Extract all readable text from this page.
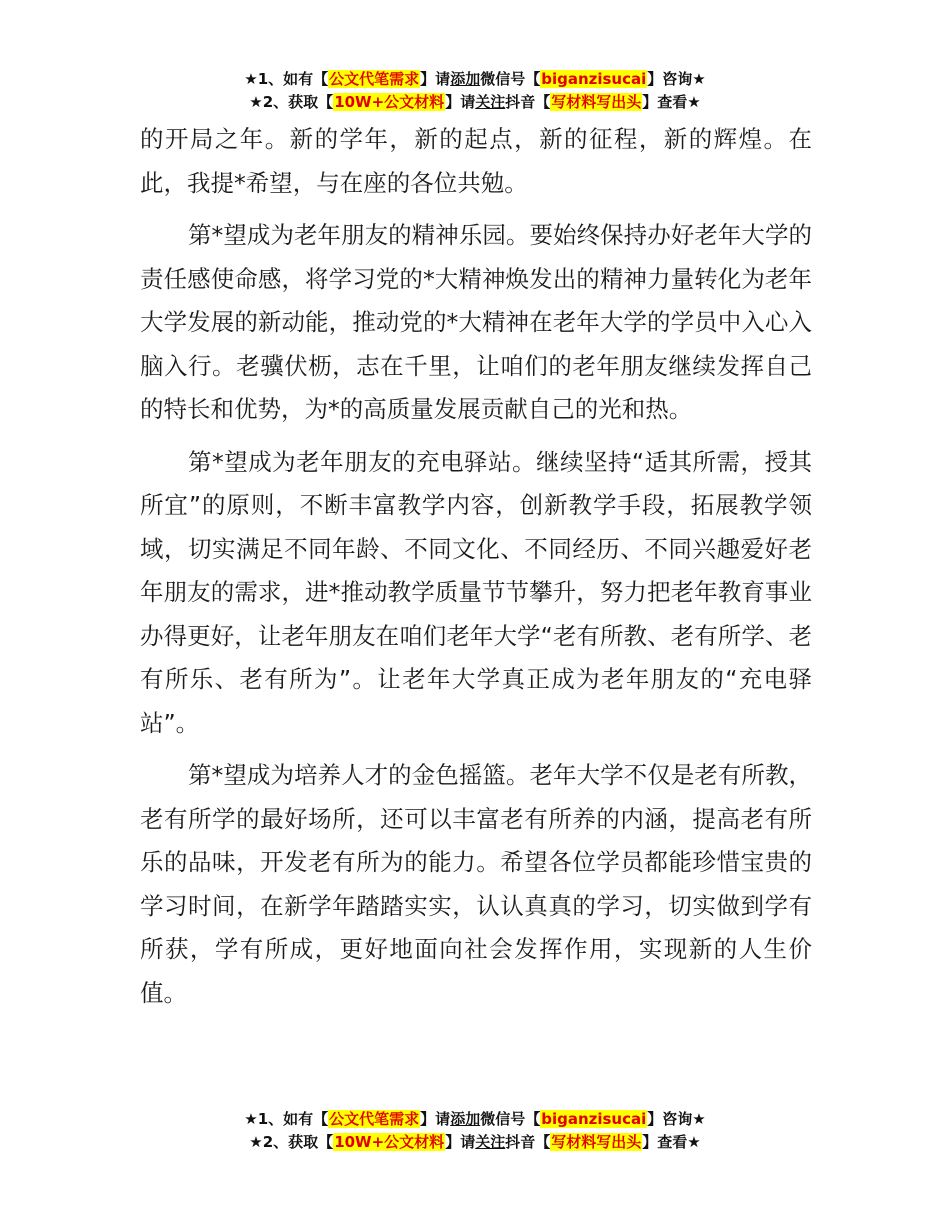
★1、如有【公文代笔需求】请添加微信号【biganzisucai】咨询★
★2、获取【10W+公文材料】请关注抖音【写材料写出头】查看★

的开局之年。新的学年，新的起点，新的征程，新的辉煌。在此，我提*希望，与在座的各位共勉。

第*望成为老年朋友的精神乐园。要始终保持办好老年大学的责任感使命感，将学习党的*大精神焕发出的精神力量转化为老年大学发展的新动能，推动党的*大精神在老年大学的学员中入心入脑入行。老骥伏枥，志在千里，让咱们的老年朋友继续发挥自己的特长和优势，为*的高质量发展贡献自己的光和热。

第*望成为老年朋友的充电驿站。继续坚持“适其所需，授其所宜”的原则，不断丰富教学内容，创新教学手段，拓展教学领域，切实满足不同年龄、不同文化、不同经历、不同兴趣爱好老年朋友的需求，进*推动教学质量节节攀升，努力把老年教育事业办得更好，让老年朋友在咱们老年大学“老有所教、老有所学、老有所乐、老有所为”。让老年大学真正成为老年朋友的“充电驿站”。

第*望成为培养人才的金色摇篮。老年大学不仅是老有所教，老有所学的最好场所，还可以丰富老有所养的内涵，提高老有所乐的品味，开发老有所为的能力。希望各位学员都能珍惜宝贵的学习时间，在新学年踏踏实实，认认真真的学习，切实做到学有所获，学有所成，更好地面向社会发挥作用，实现新的人生价值。

★1、如有【公文代笔需求】请添加微信号【biganzisucai】咨询★
★2、获取【10W+公文材料】请关注抖音【写材料写出头】查看★
